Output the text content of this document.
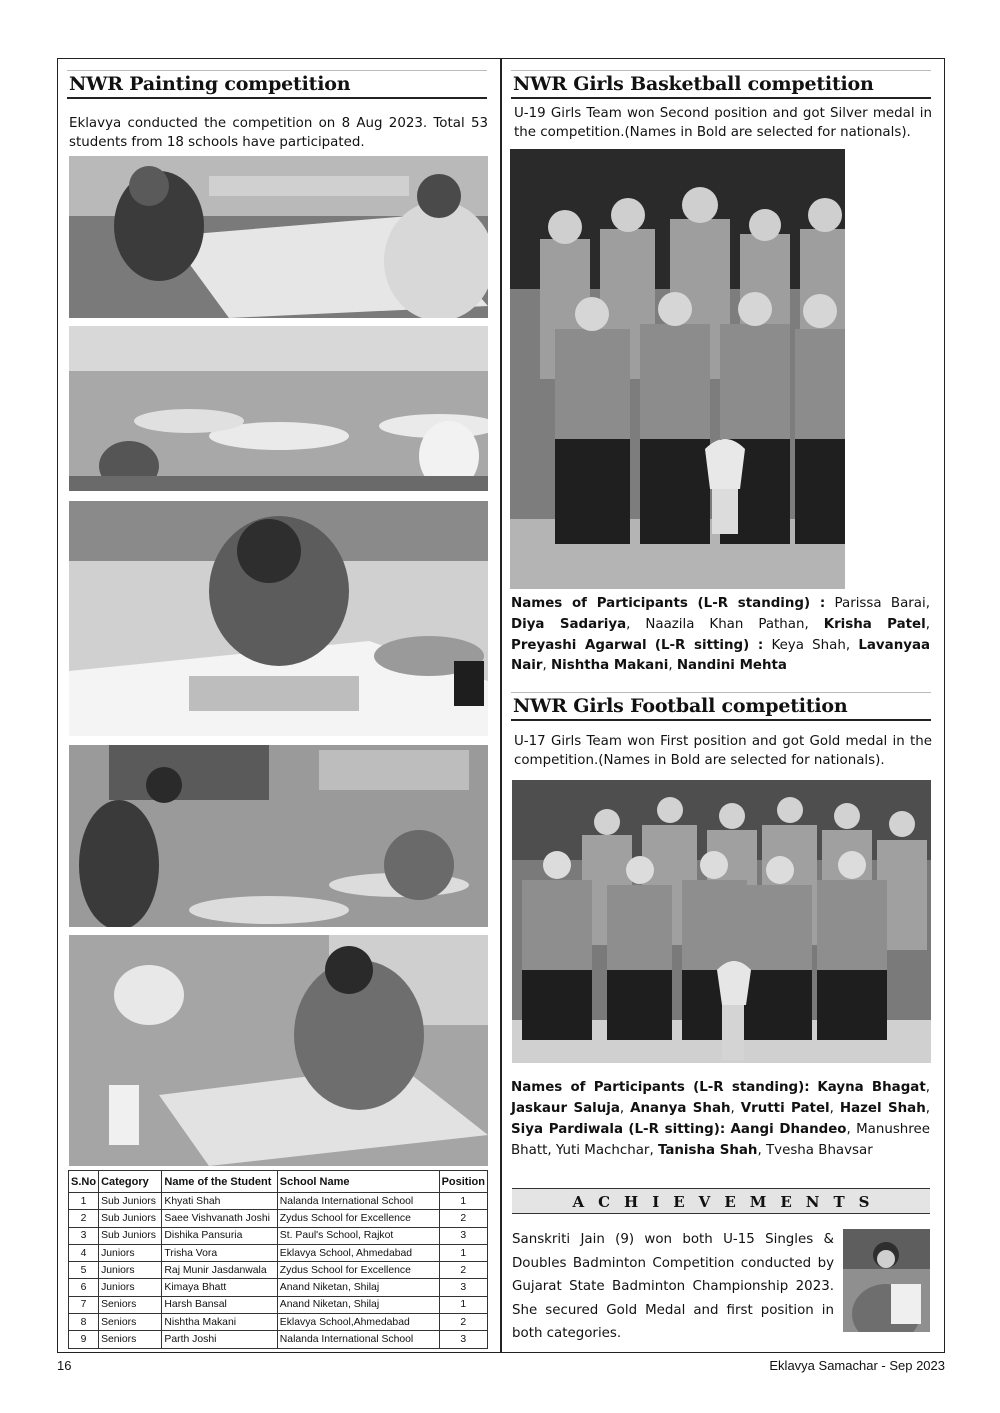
NWR Painting competition
Eklavya conducted the competition on 8 Aug 2023. Total 53 students from 18 schools have participated.
S.No	Category	Name of the Student	School Name	Position
1	Sub Juniors	Khyati Shah	Nalanda International School	1
2	Sub Juniors	Saee Vishvanath Joshi	Zydus School for Excellence	2
3	Sub Juniors	Dishika Pansuria	St. Paul's School, Rajkot	3
4	Juniors	Trisha Vora	Eklavya School, Ahmedabad	1
5	Juniors	Raj Munir Jasdanwala	Zydus School for Excellence	2
6	Juniors	Kimaya Bhatt	Anand Niketan, Shilaj	3
7	Seniors	Harsh Bansal	Anand Niketan, Shilaj	1
8	Seniors	Nishtha Makani	Eklavya School,Ahmedabad	2
9	Seniors	Parth Joshi	Nalanda International School	3
NWR Girls Basketball competition
U-19 Girls Team won Second position and got Silver medal in the competition.(Names in Bold are selected for nationals).
Names of Participants (L-R standing) : Parissa Barai, Diya Sadariya, Naazila Khan Pathan, Krisha Patel, Preyashi Agarwal (L-R sitting) : Keya Shah, Lavanyaa Nair, Nishtha Makani, Nandini Mehta
NWR Girls Football competition
U-17 Girls Team won First position and got Gold medal in the competition.(Names in Bold are selected for nationals).
Names of Participants (L-R standing): Kayna Bhagat, Jaskaur Saluja, Ananya Shah, Vrutti Patel, Hazel Shah, Siya Pardiwala (L-R sitting): Aangi Dhandeo, Manushree Bhatt, Yuti Machchar, Tanisha Shah, Tvesha Bhavsar
ACHIEVEMENTS
Sanskriti Jain (9) won both U-15 Singles & Doubles Badminton Competition conducted by Gujarat State Badminton Championship 2023. She secured Gold Medal and first position in both categories.
16	Eklavya Samachar - Sep 2023
